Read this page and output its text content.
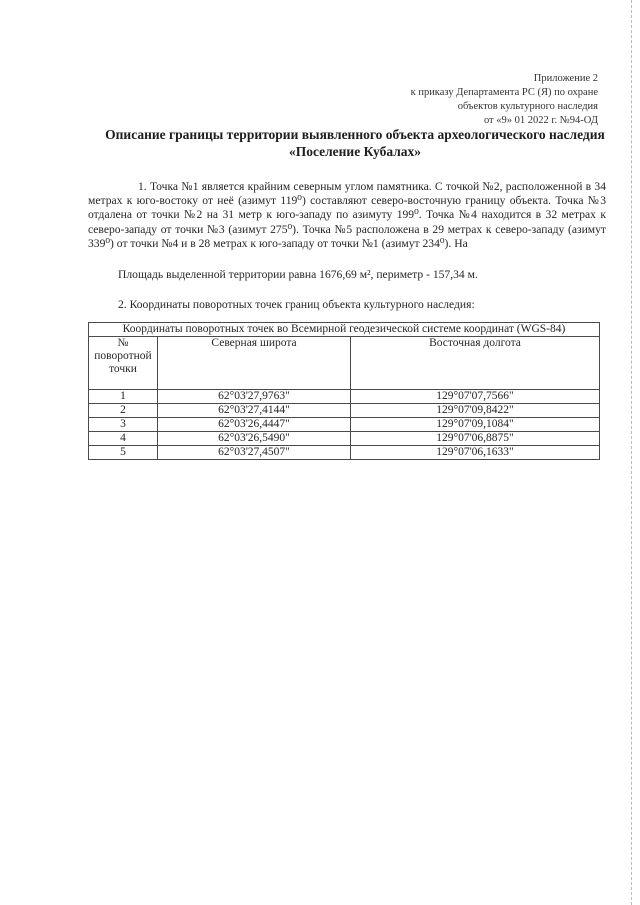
Приложение 2
к приказу Департамента РС (Я) по охране
объектов культурного наследия
от «9» 01 2022 г. №94-ОД
Описание границы территории выявленного объекта археологического наследия
«Поселение Кубалах»
1. Точка №1 является крайним северным углом памятника. С точкой №2, расположенной в 34 метрах к юго-востоку от неё (азимут 119⁰) составляют северо-восточную границу объекта. Точка №3 отдалена от точки №2 на 31 метр к юго-западу по азимуту 199⁰. Точка №4 находится в 32 метрах к северо-западу от точки №3 (азимут 275⁰). Точка №5 расположена в 29 метрах к северо-западу (азимут 339⁰) от точки №4 и в 28 метрах к юго-западу от точки №1 (азимут 234⁰). На
Площадь выделенной территории равна 1676,69 м², периметр - 157,34 м.
2. Координаты поворотных точек границ объекта культурного наследия:
Координаты поворотных точек во Всемирной геодезической системе координат (WGS-84)		
№ поворотной точки	Северная широта	Восточная долгота
1	62°03'27,9763"	129°07'07,7566"
2	62°03'27,4144"	129°07'09,8422"
3	62°03'26,4447"	129°07'09,1084"
4	62°03'26,5490"	129°07'06,8875"
5	62°03'27,4507"	129°07'06,1633"
